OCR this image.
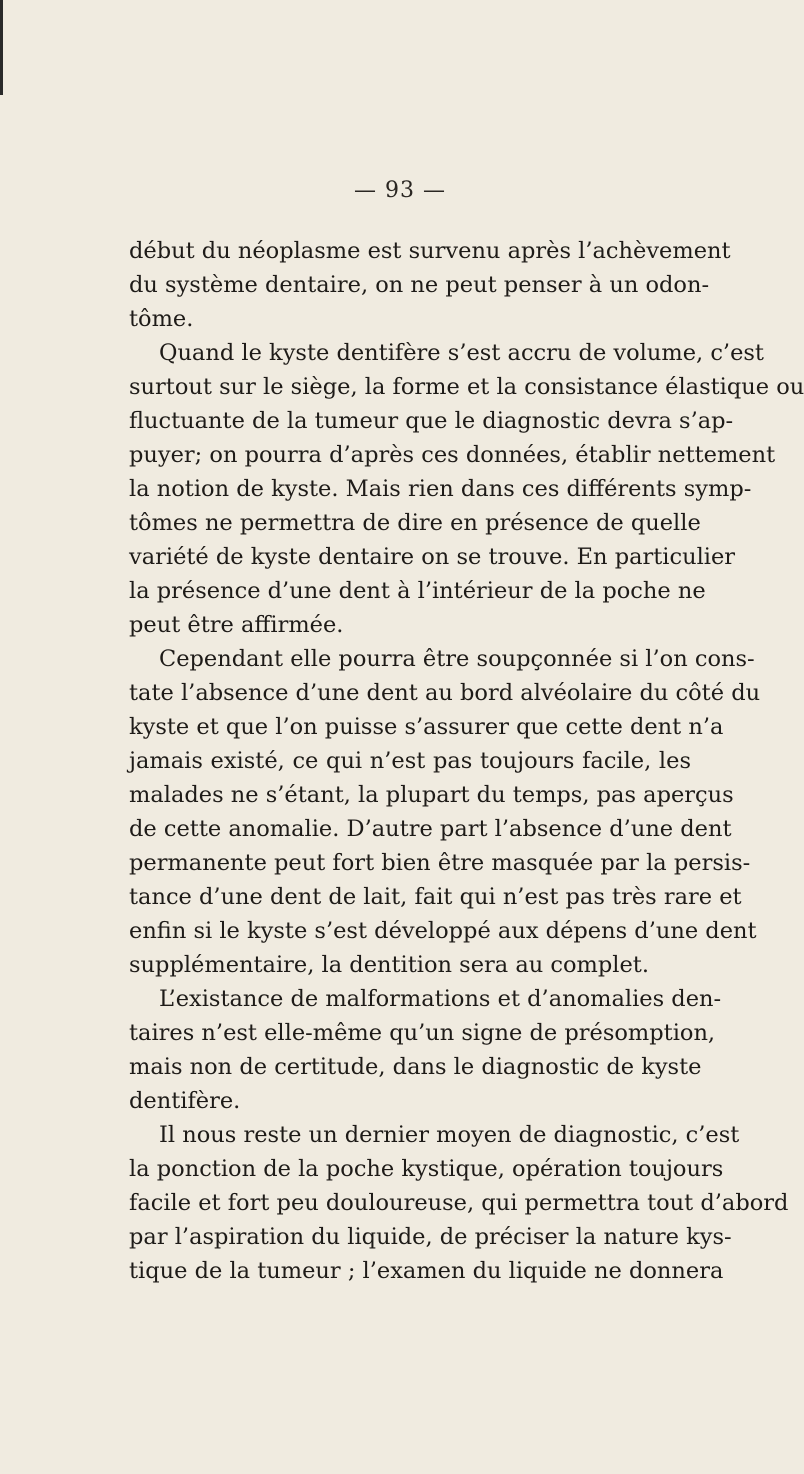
— 93 —
début du néoplasme est survenu après l’achèvement
du système dentaire, on ne peut penser à un odon-
tôme.
Quand le kyste dentifère s’est accru de volume, c’est
surtout sur le siège, la forme et la consistance élastique ou
fluctuante de la tumeur que le diagnostic devra s’ap-
puyer; on pourra d’après ces données, établir nettement
la notion de kyste. Mais rien dans ces différents symp-
tômes ne permettra de dire en présence de quelle
variété de kyste dentaire on se trouve. En particulier
la présence d’une dent à l’intérieur de la poche ne
peut être affirmée.
Cependant elle pourra être soupçonnée si l’on cons-
tate l’absence d’une dent au bord alvéolaire du côté du
kyste et que l’on puisse s’assurer que cette dent n’a
jamais existé, ce qui n’est pas toujours facile, les
malades ne s’étant, la plupart du temps, pas aperçus
de cette anomalie. D’autre part l’absence d’une dent
permanente peut fort bien être masquée par la persis-
tance d’une dent de lait, fait qui n’est pas très rare et
enfin si le kyste s’est développé aux dépens d’une dent
supplémentaire, la dentition sera au complet.
L’existance de malformations et d’anomalies den-
taires n’est elle-même qu’un signe de présomption,
mais non de certitude, dans le diagnostic de kyste
dentifère.
Il nous reste un dernier moyen de diagnostic, c’est
la ponction de la poche kystique, opération toujours
facile et fort peu douloureuse, qui permettra tout d’abord
par l’aspiration du liquide, de préciser la nature kys-
tique de la tumeur ; l’examen du liquide ne donnera
